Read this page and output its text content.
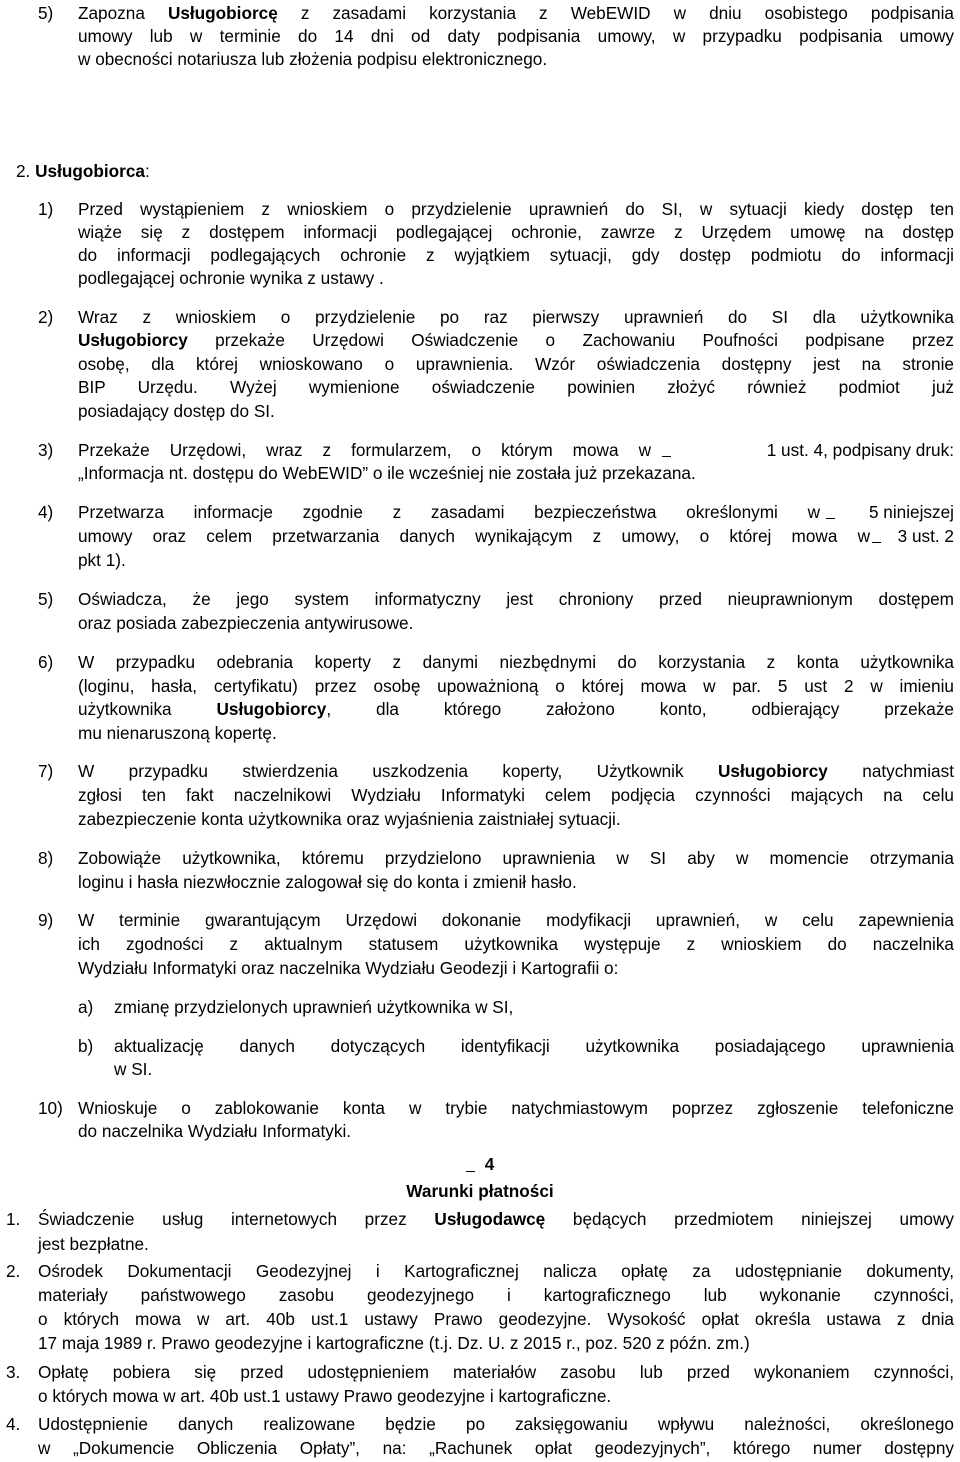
5) Zapozna Usługobiorcę z zasadami korzystania z WebEWID w dniu osobistego podpisania
umowy lub w terminie do 14 dni od daty podpisania umowy, w przypadku podpisania umowy
w obecności notariusza lub złożenia podpisu elektronicznego.
2. Usługobiorca:
1) Przed wystąpieniem z wnioskiem o przydzielenie uprawnień do SI, w sytuacji kiedy dostęp ten
wiąże się z dostępem informacji podlegającej ochronie, zawrze z Urzędem umowę na dostęp
do informacji podlegających ochronie z wyjątkiem sytuacji, gdy dostęp podmiotu do informacji
podlegającej ochronie wynika z ustawy .
2) Wraz z wnioskiem o przydzielenie po raz pierwszy uprawnień do SI dla użytkownika
Usługobiorcy przekaże Urzędowi Oświadczenie o Zachowaniu Poufności podpisane przez
osobę, dla której wnioskowano o uprawnienia. Wzór oświadczenia dostępny jest na stronie
BIP Urzędu. Wyżej wymienione oświadczenie powinien złożyć również podmiot już
posiadający dostęp do SI.
3) Przekaże Urzędowi, wraz z formularzem, o którym mowa w	1 ust. 4, podpisany druk:
„Informacja nt. dostępu do WebEWID” o ile wcześniej nie została już przekazana.
4) Przetwarza informacje zgodnie z zasadami bezpieczeństwa określonymi w	5 niniejszej
umowy oraz celem przetwarzania danych wynikającym z umowy, o której mowa w	3 ust. 2
pkt 1).
5) Oświadcza, że jego system informatyczny jest chroniony przed nieuprawnionym dostępem
oraz posiada zabezpieczenia antywirusowe.
6) W przypadku odebrania koperty z danymi niezbędnymi do korzystania z konta użytkownika
(loginu, hasła, certyfikatu) przez osobę upoważnioną o której mowa w par. 5 ust 2 w imieniu
użytkownika Usługobiorcy, dla którego założono konto, odbierający przekaże
mu nienaruszoną kopertę.
7) W przypadku stwierdzenia uszkodzenia koperty, Użytkownik Usługobiorcy natychmiast
zgłosi ten fakt naczelnikowi Wydziału Informatyki celem podjęcia czynności mających na celu
zabezpieczenie konta użytkownika oraz wyjaśnienia zaistniałej sytuacji.
8) Zobowiąże użytkownika, któremu przydzielono uprawnienia w SI aby w momencie otrzymania
loginu i hasła niezwłocznie zalogował się do konta i zmienił hasło.
9) W terminie gwarantującym Urzędowi dokonanie modyfikacji uprawnień, w celu zapewnienia
ich zgodności z aktualnym statusem użytkownika występuje z wnioskiem do naczelnika
Wydziału Informatyki oraz naczelnika Wydziału Geodezji i Kartografii o:
a) zmianę przydzielonych uprawnień użytkownika w SI,
b) aktualizację danych dotyczących identyfikacji użytkownika posiadającego uprawnienia
w SI.
10) Wnioskuje o zablokowanie konta w trybie natychmiastowym poprzez zgłoszenie telefoniczne
do naczelnika Wydziału Informatyki.
4
Warunki płatności
1. Świadczenie usług internetowych przez Usługodawcę będących przedmiotem niniejszej umowy
jest bezpłatne.
2. Ośrodek Dokumentacji Geodezyjnej i Kartograficznej nalicza opłatę za udostępnianie dokumenty,
materiały państwowego zasobu geodezyjnego i kartograficznego lub wykonanie czynności,
o których mowa w art. 40b ust.1 ustawy Prawo geodezyjne. Wysokość opłat określa ustawa z dnia
17 maja 1989 r. Prawo geodezyjne i kartograficzne (t.j. Dz. U. z 2015 r., poz. 520 z późn. zm.)
3. Opłatę pobiera się przed udostępnieniem materiałów zasobu lub przed wykonaniem czynności,
o których mowa w art. 40b ust.1 ustawy Prawo geodezyjne i kartograficzne.
4. Udostępnienie danych realizowane będzie po zaksięgowaniu wpływu należności, określonego
w „Dokumencie Obliczenia Opłaty”, na: „Rachunek opłat geodezyjnych”, którego numer dostępny
